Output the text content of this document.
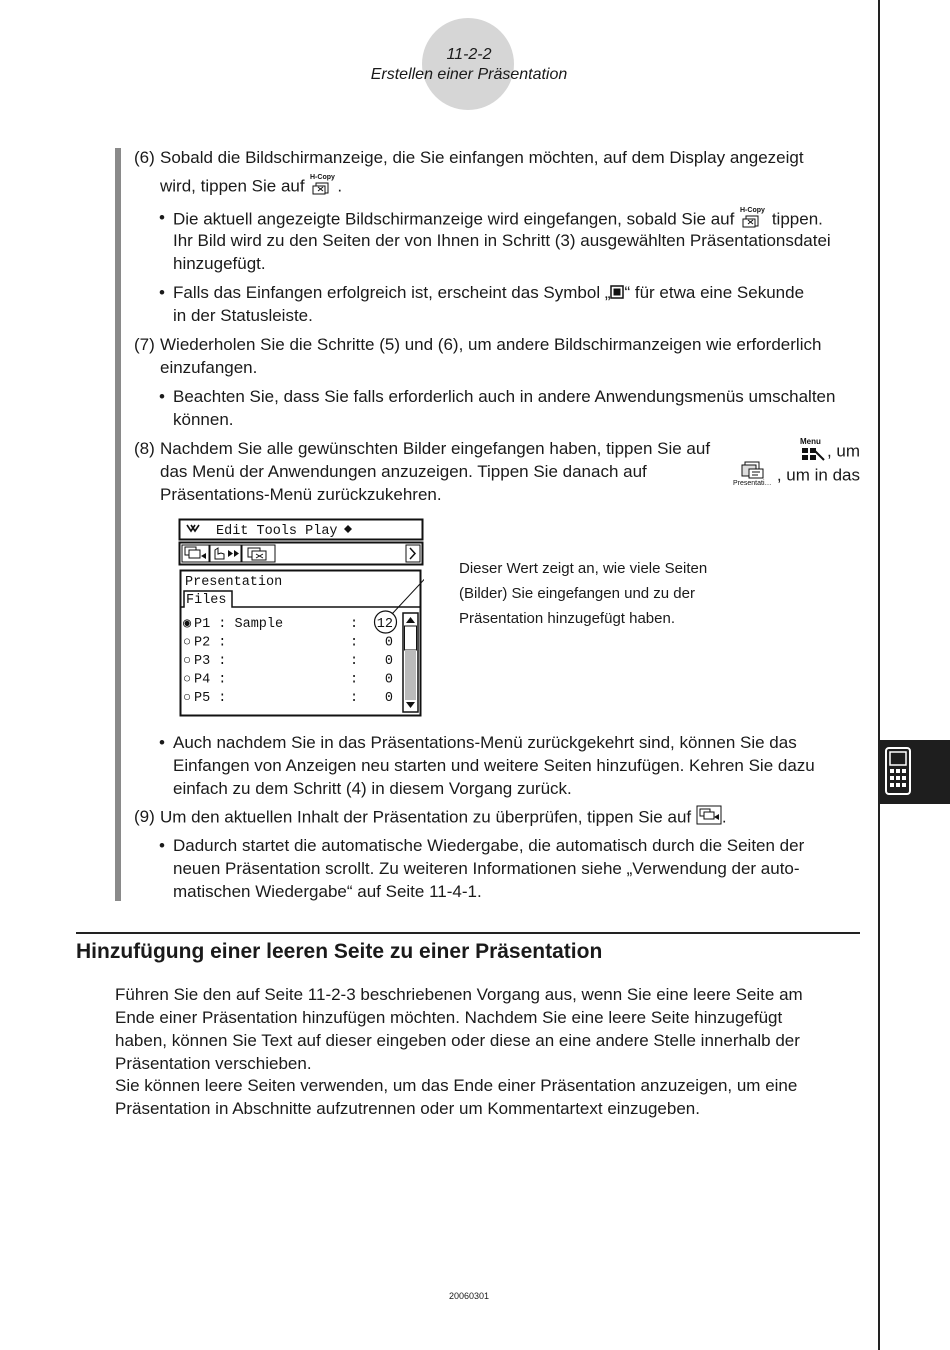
11-2-2
Erstellen einer Präsentation
(6) Sobald die Bildschirmanzeige, die Sie einfangen möchten, auf dem Display angezeigt
wird, tippen Sie auf H-Copy .
• Die aktuell angezeigte Bildschirmanzeige wird eingefangen, sobald Sie auf H-Copy tippen.
Ihr Bild wird zu den Seiten der von Ihnen in Schritt (3) ausgewählten Präsentationsdatei
hinzugefügt.
• Falls das Einfangen erfolgreich ist, erscheint das Symbol „ “ für etwa eine Sekunde
in der Statusleiste.
(7) Wiederholen Sie die Schritte (5) und (6), um andere Bildschirmanzeigen wie erforderlich
einzufangen.
• Beachten Sie, dass Sie falls erforderlich auch in andere Anwendungsmenüs umschalten
können.
(8) Nachdem Sie alle gewünschten Bilder eingefangen haben, tippen Sie auf	Menu , um
das Menü der Anwendungen anzuzeigen. Tippen Sie danach auf
Presentati… , um in das
Präsentations-Menü zurückzukehren.
Edit Tools Play
Presentation
Files
◉ P1 : Sample	: 12
○ P2 :	: 0
○ P3 :	: 0
○ P4 :	: 0
○ P5 :	: 0
Dieser Wert zeigt an, wie viele Seiten
(Bilder) Sie eingefangen und zu der
Präsentation hinzugefügt haben.
• Auch nachdem Sie in das Präsentations-Menü zurückgekehrt sind, können Sie das
Einfangen von Anzeigen neu starten und weitere Seiten hinzufügen. Kehren Sie dazu
einfach zu dem Schritt (4) in diesem Vorgang zurück.
(9) Um den aktuellen Inhalt der Präsentation zu überprüfen, tippen Sie auf .
• Dadurch startet die automatische Wiedergabe, die automatisch durch die Seiten der
neuen Präsentation scrollt. Zu weiteren Informationen siehe „Verwendung der auto-
matischen Wiedergabe“ auf Seite 11-4-1.
Hinzufügung einer leeren Seite zu einer Präsentation
Führen Sie den auf Seite 11-2-3 beschriebenen Vorgang aus, wenn Sie eine leere Seite am
Ende einer Präsentation hinzufügen möchten. Nachdem Sie eine leere Seite hinzugefügt
haben, können Sie Text auf dieser eingeben oder diese an eine andere Stelle innerhalb der
Präsentation verschieben.
Sie können leere Seiten verwenden, um das Ende einer Präsentation anzuzeigen, um eine
Präsentation in Abschnitte aufzutrennen oder um Kommentartext einzugeben.
20060301
